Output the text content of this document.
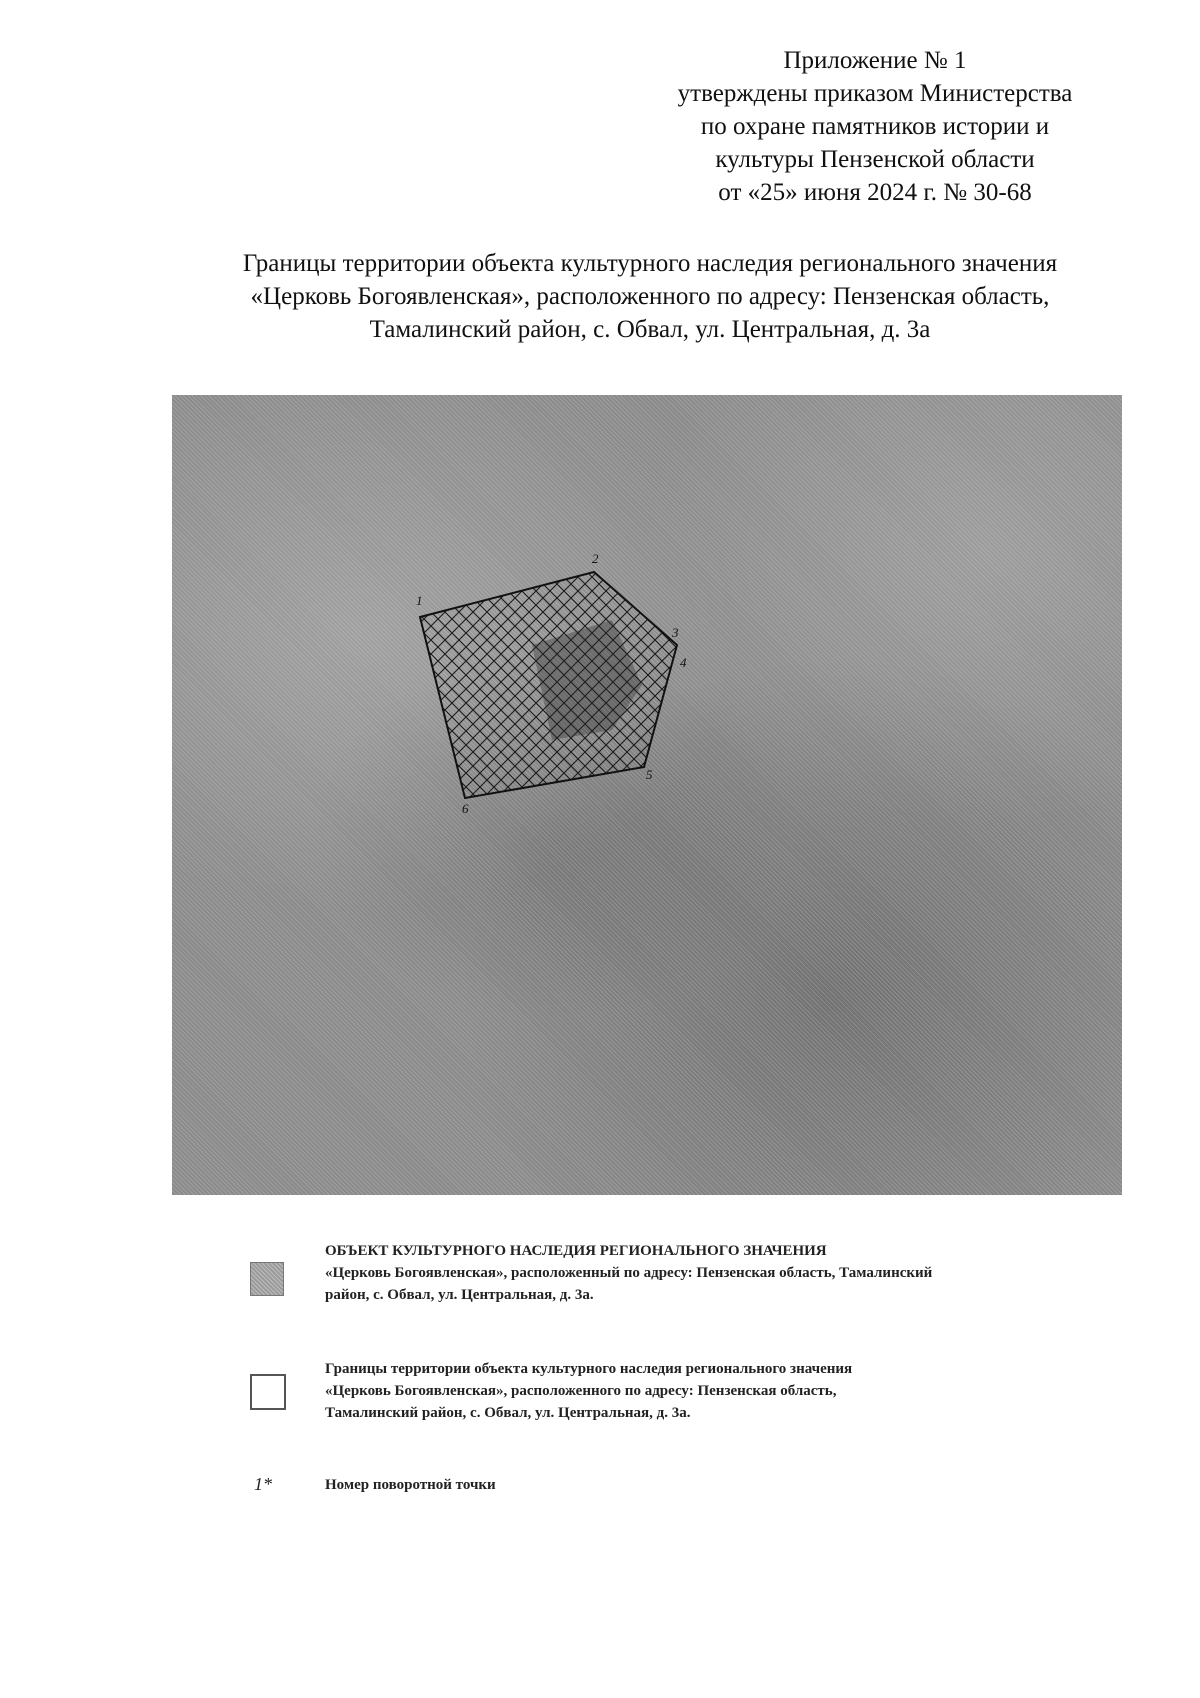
Приложение № 1
утверждены приказом Министерства
по охране памятников истории и
культуры Пензенской области
от «25» июня 2024 г. № 30-68
Границы территории объекта культурного наследия регионального значения
«Церковь Богоявленская», расположенного по адресу: Пензенская область,
Тамалинский район, с. Обвал, ул. Центральная, д. 3а
1
2
3
4
5
6
ОБЪЕКТ КУЛЬТУРНОГО НАСЛЕДИЯ РЕГИОНАЛЬНОГО ЗНАЧЕНИЯ
«Церковь Богоявленская», расположенный по адресу: Пензенская область, Тамалинский
район, с. Обвал, ул. Центральная, д. 3а.
Границы территории объекта культурного наследия регионального значения
«Церковь Богоявленская», расположенного по адресу: Пензенская область,
Тамалинский район, с. Обвал, ул. Центральная, д. 3а.
1*	Номер поворотной точки
